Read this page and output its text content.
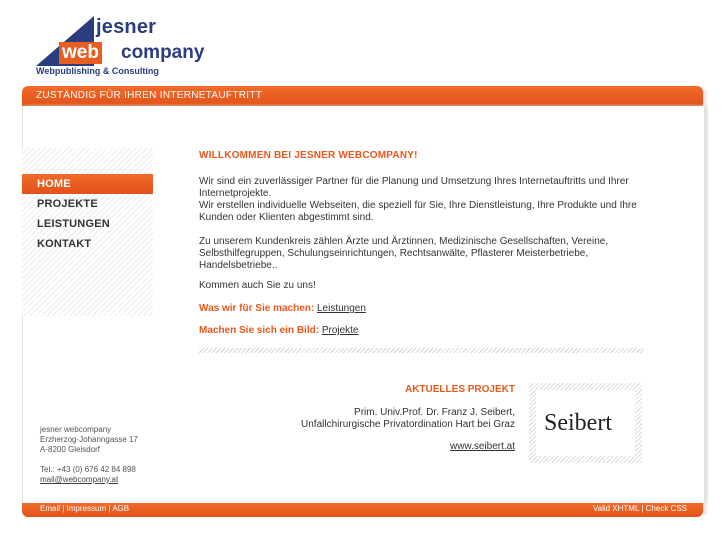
jesner
web company
Webpublishing & Consulting
ZUSTÄNDIG FÜR IHREN INTERNETAUFTRITT
HOME
PROJEKTE
LEISTUNGEN
KONTAKT
WILLKOMMEN BEI JESNER WEBCOMPANY!
Wir sind ein zuverlässiger Partner für die Planung und Umsetzung Ihres Internetauftritts und Ihrer Internetprojekte.
Wir erstellen individuelle Webseiten, die speziell für Sie, Ihre Dienstleistung, Ihre Produkte und Ihre Kunden oder Klienten abgestimmt sind.
Zu unserem Kundenkreis zählen Ärzte und Ärztinnen, Medizinische Gesellschaften, Vereine, Selbsthilfegruppen, Schulungseinrichtungen, Rechtsanwälte, Pflasterer Meisterbetriebe, Handelsbetriebe..
Kommen auch Sie zu uns!
Was wir für Sie machen: Leistungen
Machen Sie sich ein Bild: Projekte
AKTUELLES PROJEKT
Prim. Univ.Prof. Dr. Franz J. Seibert,
Unfallchirurgische Privatordination Hart bei Graz
www.seibert.at
Seibert
jesner webcompany
Erzherzog-Johanngasse 17
A-8200 Gleisdorf
Tel.: +43 (0) 676 42 84 898
mail@webcompany.at
Email | Impressum | AGB	Valid XHTML | Check CSS
